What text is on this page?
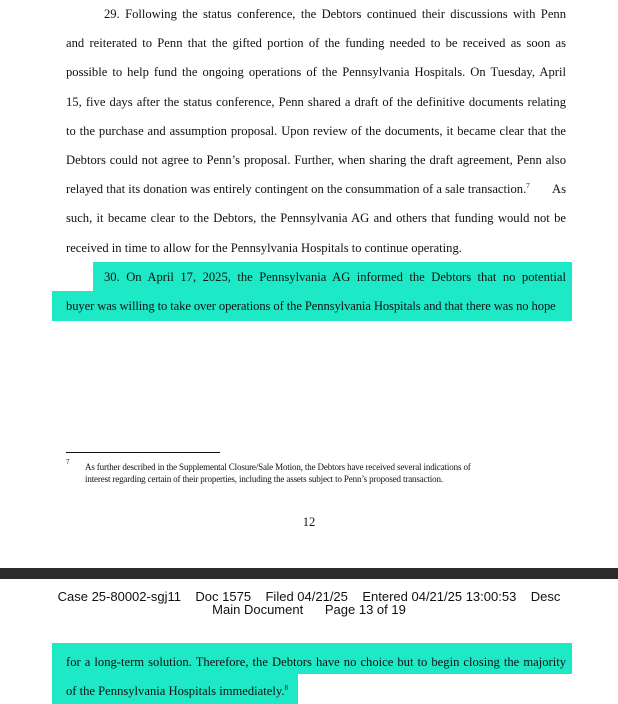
29. Following the status conference, the Debtors continued their discussions with Penn
and reiterated to Penn that the gifted portion of the funding needed to be received as soon as
possible to help fund the ongoing operations of the Pennsylvania Hospitals. On Tuesday, April
15, five days after the status conference, Penn shared a draft of the definitive documents relating
to the purchase and assumption proposal. Upon review of the documents, it became clear that the
Debtors could not agree to Penn’s proposal. Further, when sharing the draft agreement, Penn also
relayed that its donation was entirely contingent on the consummation of a sale transaction.$^7$ As
such, it became clear to the Debtors, the Pennsylvania AG and others that funding would not be
received in time to allow for the Pennsylvania Hospitals to continue operating.
30. On April 17, 2025, the Pennsylvania AG informed the Debtors that no potential
buyer was willing to take over operations of the Pennsylvania Hospitals and that there was no hope
$^7$ As further described in the Supplemental Closure/Sale Motion, the Debtors have received several indications of
interest regarding certain of their properties, including the assets subject to Penn’s proposed transaction.
12
Case 25-80002-sgj11    Doc 1575    Filed 04/21/25    Entered 04/21/25 13:00:53    Desc
Main Document      Page 13 of 19
for a long-term solution. Therefore, the Debtors have no choice but to begin closing the majority
of the Pennsylvania Hospitals immediately.$^8$
